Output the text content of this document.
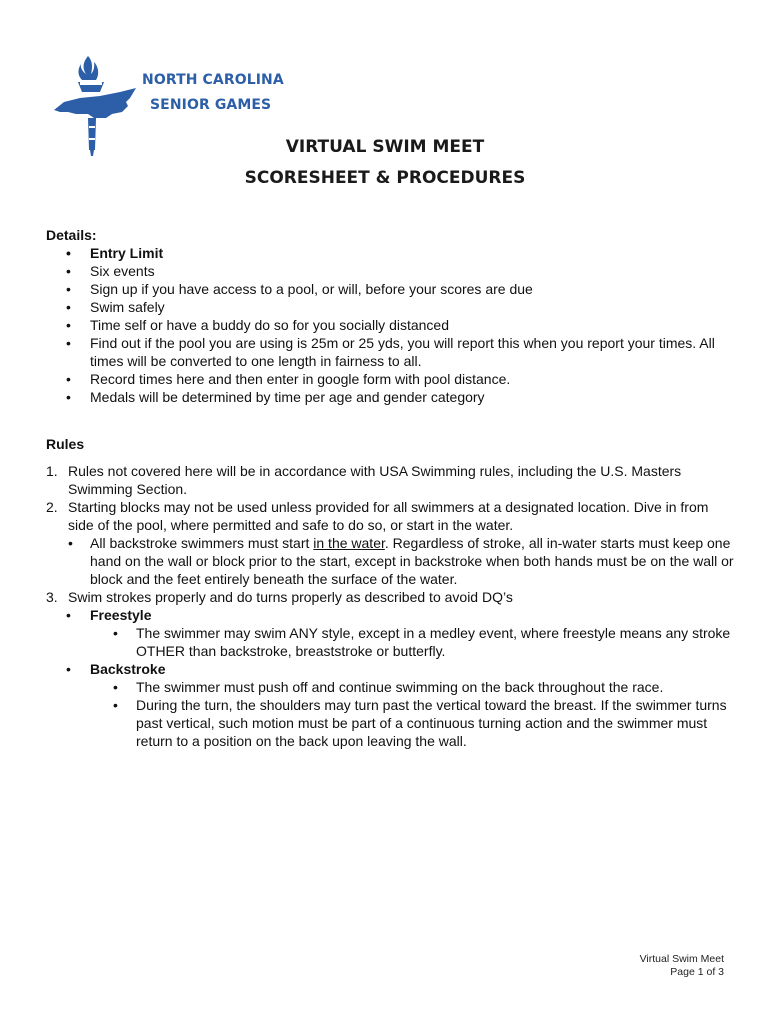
NORTH CAROLINA
SENIOR GAMES
VIRTUAL SWIM MEET
SCORESHEET & PROCEDURES

Details:

• Entry Limit
• Six events
• Sign up if you have access to a pool, or will, before your scores are due
• Swim safely
• Time self or have a buddy do so for you socially distanced
• Find out if the pool you are using is 25m or 25 yds, you will report this when you report your times. All times will be converted to one length in fairness to all.
• Record times here and then enter in google form with pool distance.
• Medals will be determined by time per age and gender category

Rules

1. Rules not covered here will be in accordance with USA Swimming rules, including the U.S. Masters Swimming Section.
2. Starting blocks may not be used unless provided for all swimmers at a designated location. Dive in from side of the pool, where permitted and safe to do so, or start in the water.
• All backstroke swimmers must start in the water. Regardless of stroke, all in-water starts must keep one hand on the wall or block prior to the start, except in backstroke when both hands must be on the wall or block and the feet entirely beneath the surface of the water.
3. Swim strokes properly and do turns properly as described to avoid DQ’s
• Freestyle
• The swimmer may swim ANY style, except in a medley event, where freestyle means any stroke OTHER than backstroke, breaststroke or butterfly.
• Backstroke
• The swimmer must push off and continue swimming on the back throughout the race.
• During the turn, the shoulders may turn past the vertical toward the breast. If the swimmer turns past vertical, such motion must be part of a continuous turning action and the swimmer must return to a position on the back upon leaving the wall.
Virtual Swim Meet
Page 1 of 3
